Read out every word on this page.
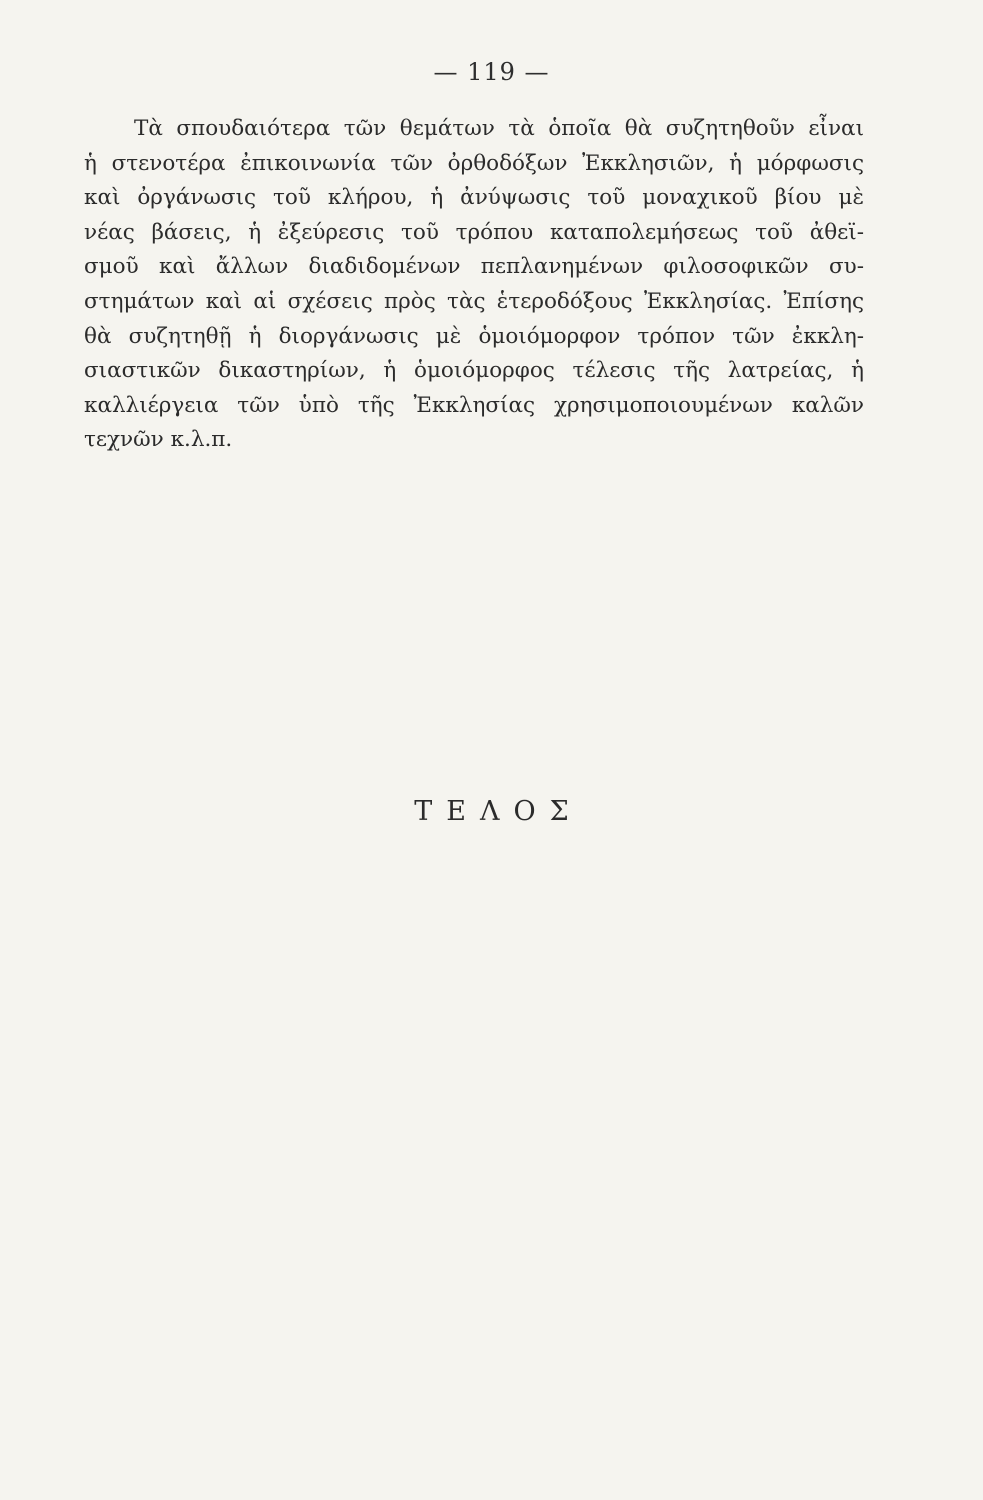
— 119 —
Τὰ σπουδαιότερα τῶν θεμάτων τὰ ὁποῖα θὰ συζητηθοῦν εἶναι
ἡ στενοτέρα ἐπικοινωνία τῶν ὀρθοδόξων Ἐκκλησιῶν, ἡ μόρφωσις
καὶ ὀργάνωσις τοῦ κλήρου, ἡ ἀνύψωσις τοῦ μοναχικοῦ βίου μὲ
νέας βάσεις, ἡ ἐξεύρεσις τοῦ τρόπου καταπολεμήσεως τοῦ ἀθεϊ-
σμοῦ καὶ ἄλλων διαδιδομένων πεπλανημένων φιλοσοφικῶν συ-
στημάτων καὶ αἱ σχέσεις πρὸς τὰς ἑτεροδόξους Ἐκκλησίας. Ἐπίσης
θὰ συζητηθῇ ἡ διοργάνωσις μὲ ὁμοιόμορφον τρόπον τῶν ἐκκλη-
σιαστικῶν δικαστηρίων, ἡ ὁμοιόμορφος τέλεσις τῆς λατρείας, ἡ
καλλιέργεια τῶν ὑπὸ τῆς Ἐκκλησίας χρησιμοποιουμένων καλῶν
τεχνῶν κ.λ.π.
ΤΕΛΟΣ
